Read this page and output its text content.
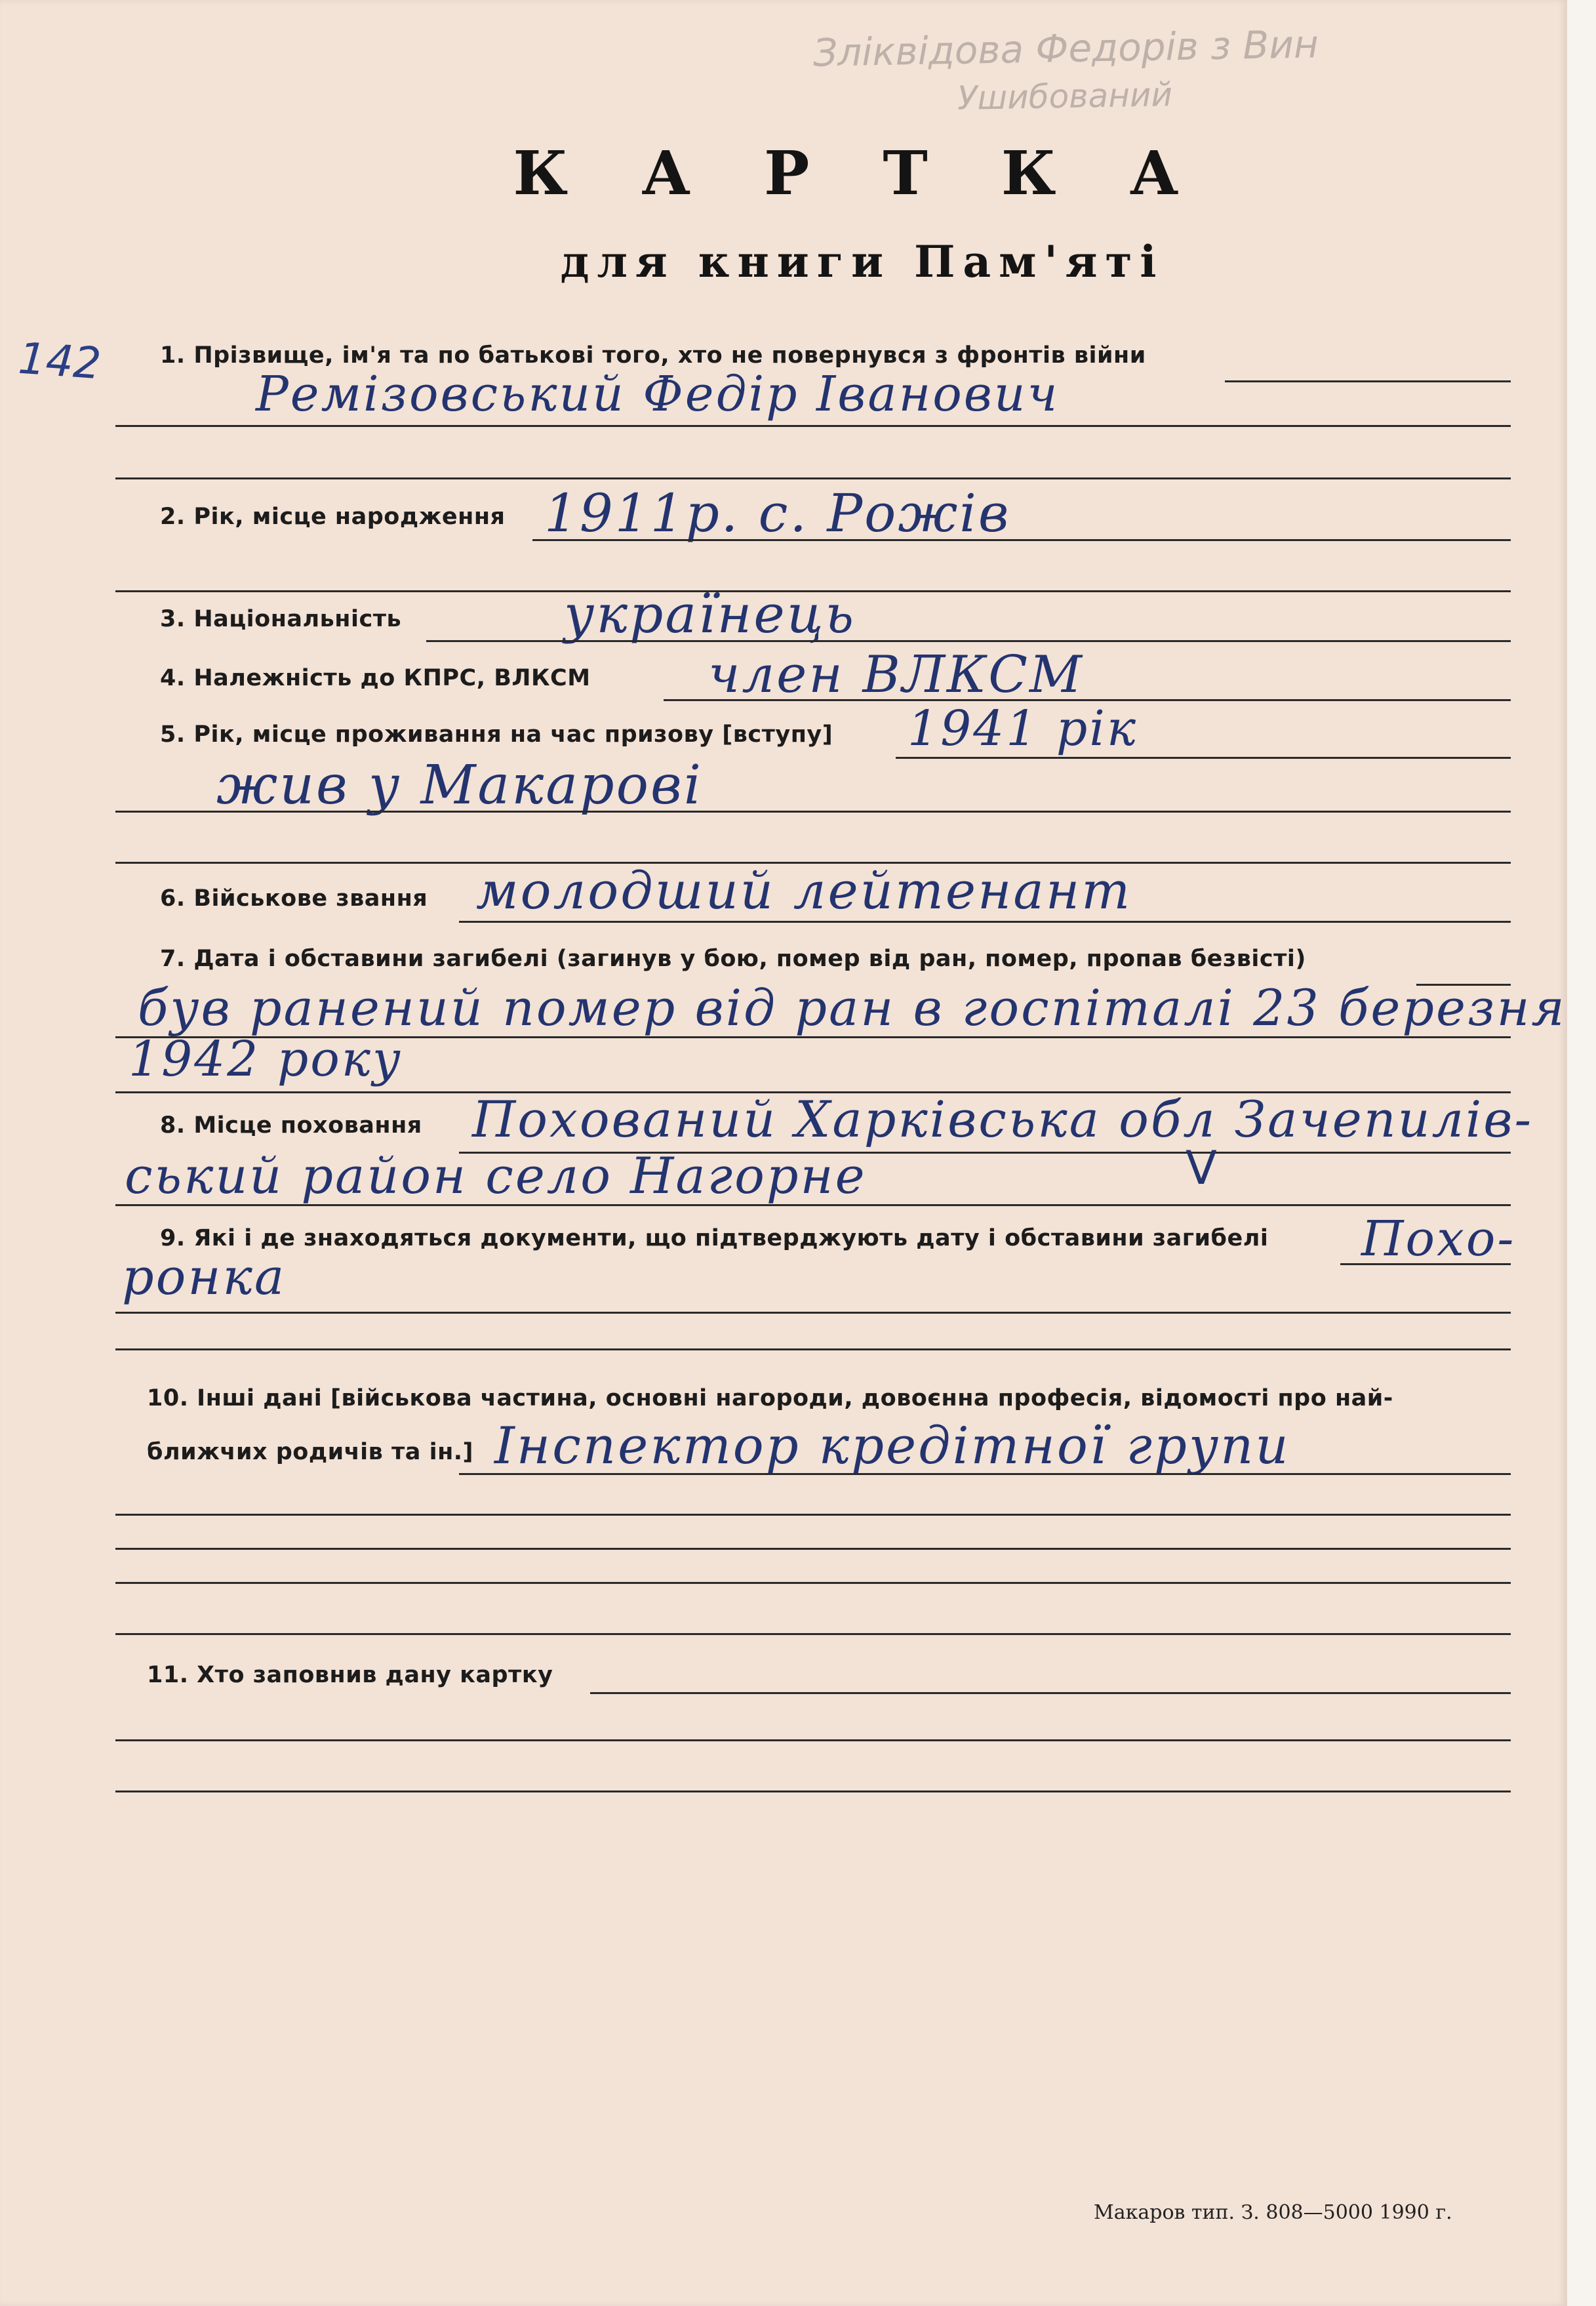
Зліквідова Федорів з Вин
Ушибований
К А Р Т К А
для книги Пам'яті
142 1. Прізвище, ім'я та по батькові того, хто не повернувся з фронтів війни
Ремізовський Федір Іванович
2. Рік, місце народження 1911р. с. Рожів
3. Національність	українець
4. Належність до КПРС, ВЛКСМ член ВЛКСМ
5. Рік, місце проживання на час призову [вступу] 1941 рік
жив у Макарові
6. Військове звання молодший лейтенант
7. Дата і обставини загибелі (загинув у бою, помер від ран, помер, пропав безвісті)
був ранений помер від ран в госпіталі 23 березня
1942 року
8. Місце поховання Похований Харківська обл Зачепилів-
ський район село Нагорне	V
9. Які і де знаходяться документи, що підтверджують дату і обставини загибелі Похо-
ронка
10. Інші дані [військова частина, основні нагороди, довоєнна професія, відомості про най-
ближчих родичів та ін.] Інспектор кредітної групи
11. Хто заповнив дану картку
Макаров тип. З. 808—5000 1990 г.
